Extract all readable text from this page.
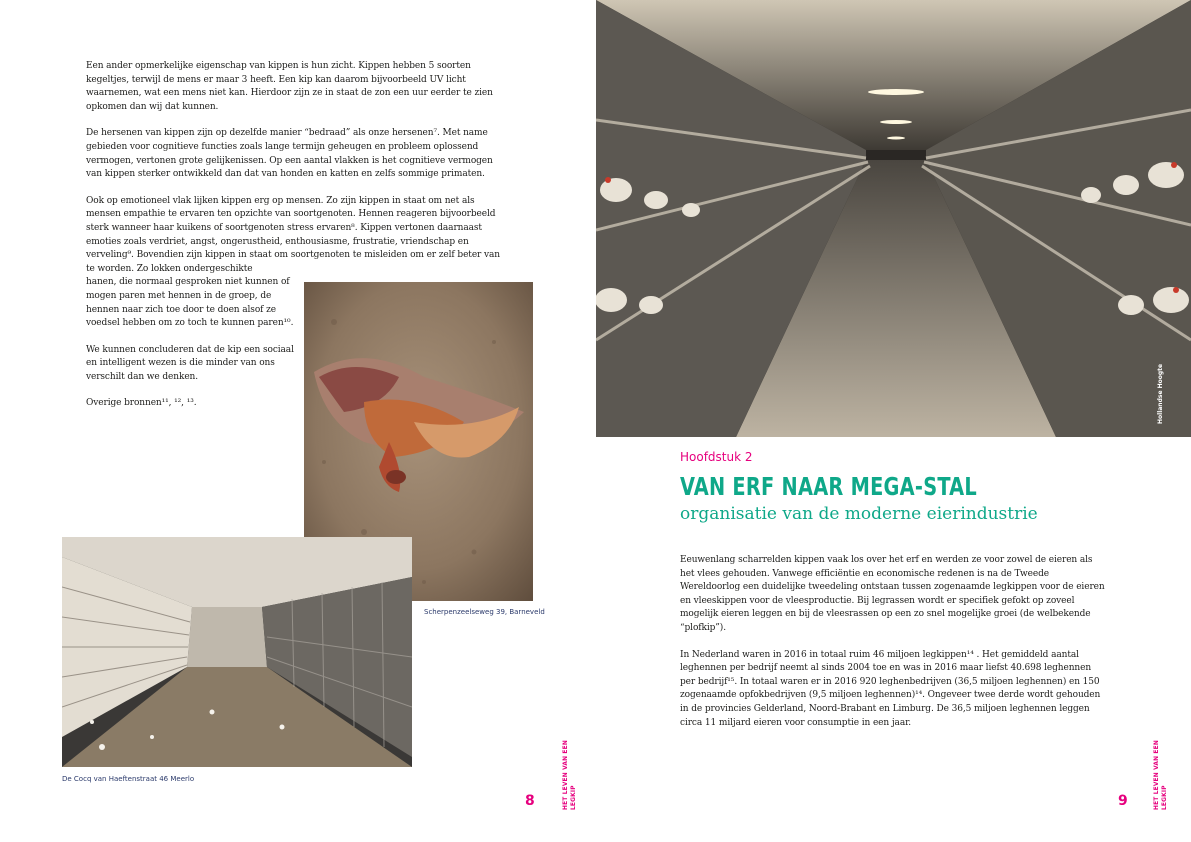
Een ander opmerkelijke eigenschap van kippen is hun zicht. Kippen hebben 5 soorten kegeltjes, terwijl de mens er maar 3 heeft. Een kip kan daarom bijvoorbeeld UV licht waarnemen, wat een mens niet kan. Hierdoor zijn ze in staat de zon een uur eerder te zien opkomen dan wij dat kunnen.

De hersenen van kippen zijn op dezelfde manier “bedraad” als onze hersenen⁷. Met name gebieden voor cognitieve functies zoals lange termijn geheugen en probleem oplossend vermogen, vertonen grote gelijkenissen. Op een aantal vlakken is het cognitieve vermogen van kippen sterker ontwikkeld dan dat van honden en katten en zelfs sommige primaten.

Ook op emotioneel vlak lijken kippen erg op mensen. Zo zijn kippen in staat om net als mensen empathie te ervaren ten opzichte van soortgenoten. Hennen reageren bijvoorbeeld sterk wanneer haar kuikens of soortgenoten stress ervaren⁸. Kippen vertonen daarnaast emoties zoals verdriet, angst, ongerustheid, enthousiasme, frustratie, vriendschap en verveling⁹. Bovendien zijn kippen in staat om soortgenoten te misleiden om er zelf beter van te worden. Zo lokken ondergeschikte

hanen, die normaal gesproken niet kunnen of mogen paren met hennen in de groep, de hennen naar zich toe door te doen alsof ze voedsel hebben om zo toch te kunnen paren¹⁰.

We kunnen concluderen dat de kip een sociaal en intelligent wezen is die minder van ons verschilt dan we denken.

Overige bronnen¹¹, ¹², ¹³.

Scherpenzeelseweg 39, Barneveld
De Cocq van Haeftenstraat 46 Meerlo	HET LEVEN VAN EEN LEGKIP
8
Hollandse Hoogte
Hoofdstuk 2
VAN ERF NAAR MEGA-STAL
organisatie van de moderne eierindustrie

Eeuwenlang scharrelden kippen vaak los over het erf en werden ze voor zowel de eieren als het vlees gehouden. Vanwege efficiëntie en economische redenen is na de Tweede Wereldoorlog een duidelijke tweedeling ontstaan tussen zogenaamde legkippen voor de eieren en vleeskippen voor de vleesproductie. Bij legrassen wordt er specifiek gefokt op zoveel mogelijk eieren leggen en bij de vleesrassen op een zo snel mogelijke groei (de welbekende “plofkip”).

In Nederland waren in 2016 in totaal ruim 46 miljoen legkippen¹⁴ . Het gemiddeld aantal leghennen per bedrijf neemt al sinds 2004 toe en was in 2016 maar liefst 40.698 leghennen per bedrijf¹⁵. In totaal waren er in 2016 920 leghenbedrijven (36,5 miljoen leghennen) en 150 zogenaamde opfokbedrijven (9,5 miljoen leghennen)¹⁴. Ongeveer twee derde wordt gehouden in de provincies Gelderland, Noord-Brabant en Limburg. De 36,5 miljoen leghennen leggen circa 11 miljard eieren voor consumptie in een jaar.

HET LEVEN VAN EEN LEGKIP
9
